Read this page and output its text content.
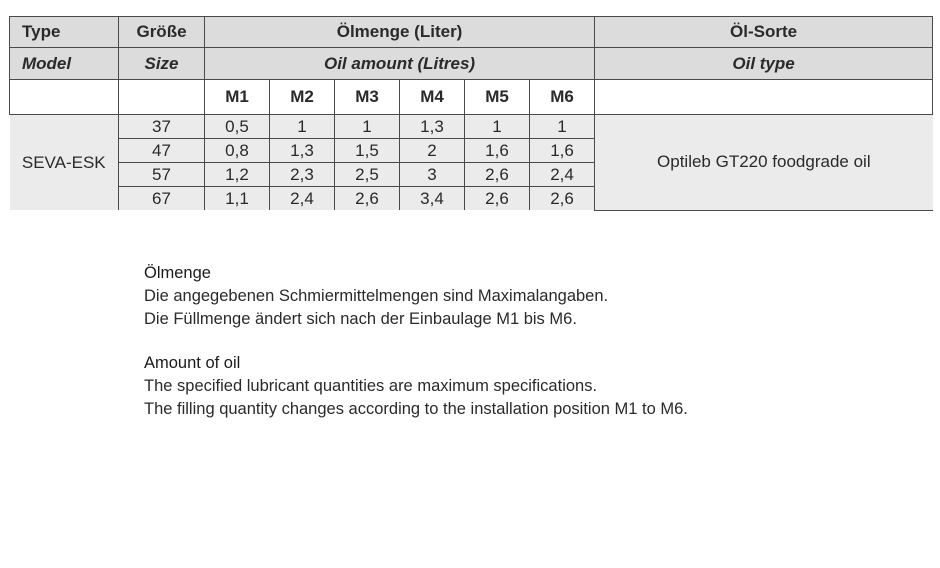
Type	Größe	Ölmenge (Liter)						Öl-Sorte
Model	Size	Oil amount (Litres)						Oil type
		M1	M2	M3	M4	M5	M6	
SEVA-ESK	37	0,5	1	1	1,3	1	1	Optileb GT220 foodgrade oil
	47	0,8	1,3	1,5	2	1,6	1,6	
	57	1,2	2,3	2,5	3	2,6	2,4	
	67	1,1	2,4	2,6	3,4	2,6	2,6	
Ölmenge
Die angegebenen Schmiermittelmengen sind Maximalangaben.
Die Füllmenge ändert sich nach der Einbaulage M1 bis M6.
Amount of oil
The specified lubricant quantities are maximum specifications.
The filling quantity changes according to the installation position M1 to M6.
